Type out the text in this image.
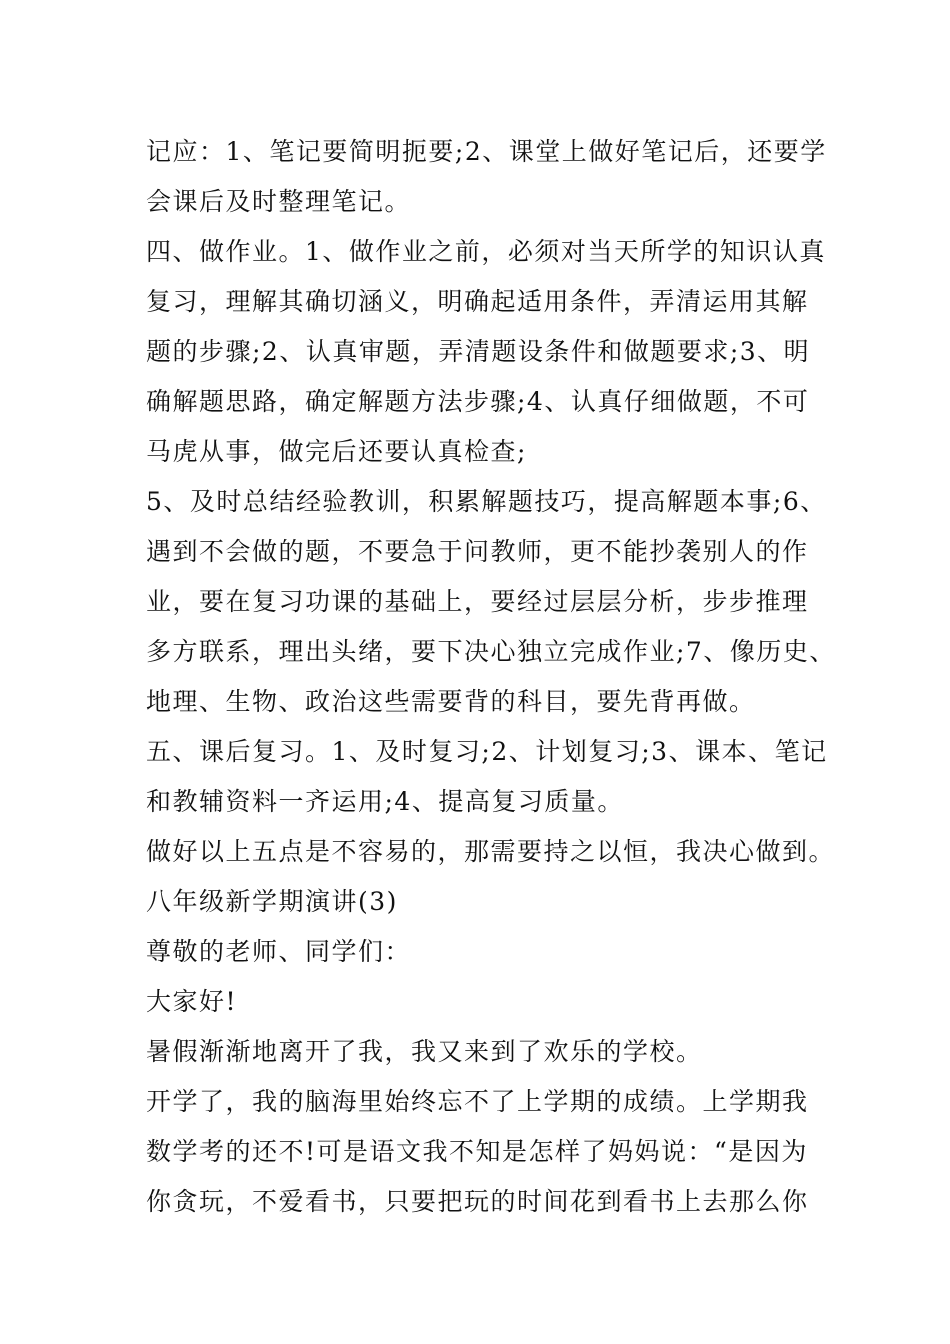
记应：1、笔记要简明扼要;2、课堂上做好笔记后，还要学
会课后及时整理笔记。
四、做作业。1、做作业之前，必须对当天所学的知识认真
复习，理解其确切涵义，明确起适用条件，弄清运用其解
题的步骤;2、认真审题，弄清题设条件和做题要求;3、明
确解题思路，确定解题方法步骤;4、认真仔细做题，不可
马虎从事，做完后还要认真检查;
5、及时总结经验教训，积累解题技巧，提高解题本事;6、
遇到不会做的题，不要急于问教师，更不能抄袭别人的作
业，要在复习功课的基础上，要经过层层分析，步步推理
多方联系，理出头绪，要下决心独立完成作业;7、像历史、
地理、生物、政治这些需要背的科目，要先背再做。
五、课后复习。1、及时复习;2、计划复习;3、课本、笔记
和教辅资料一齐运用;4、提高复习质量。
做好以上五点是不容易的，那需要持之以恒，我决心做到。
八年级新学期演讲(3)
尊敬的老师、同学们：
大家好!
暑假渐渐地离开了我，我又来到了欢乐的学校。
开学了，我的脑海里始终忘不了上学期的成绩。上学期我
数学考的还不!可是语文我不知是怎样了妈妈说：“是因为
你贪玩，不爱看书，只要把玩的时间花到看书上去那么你
